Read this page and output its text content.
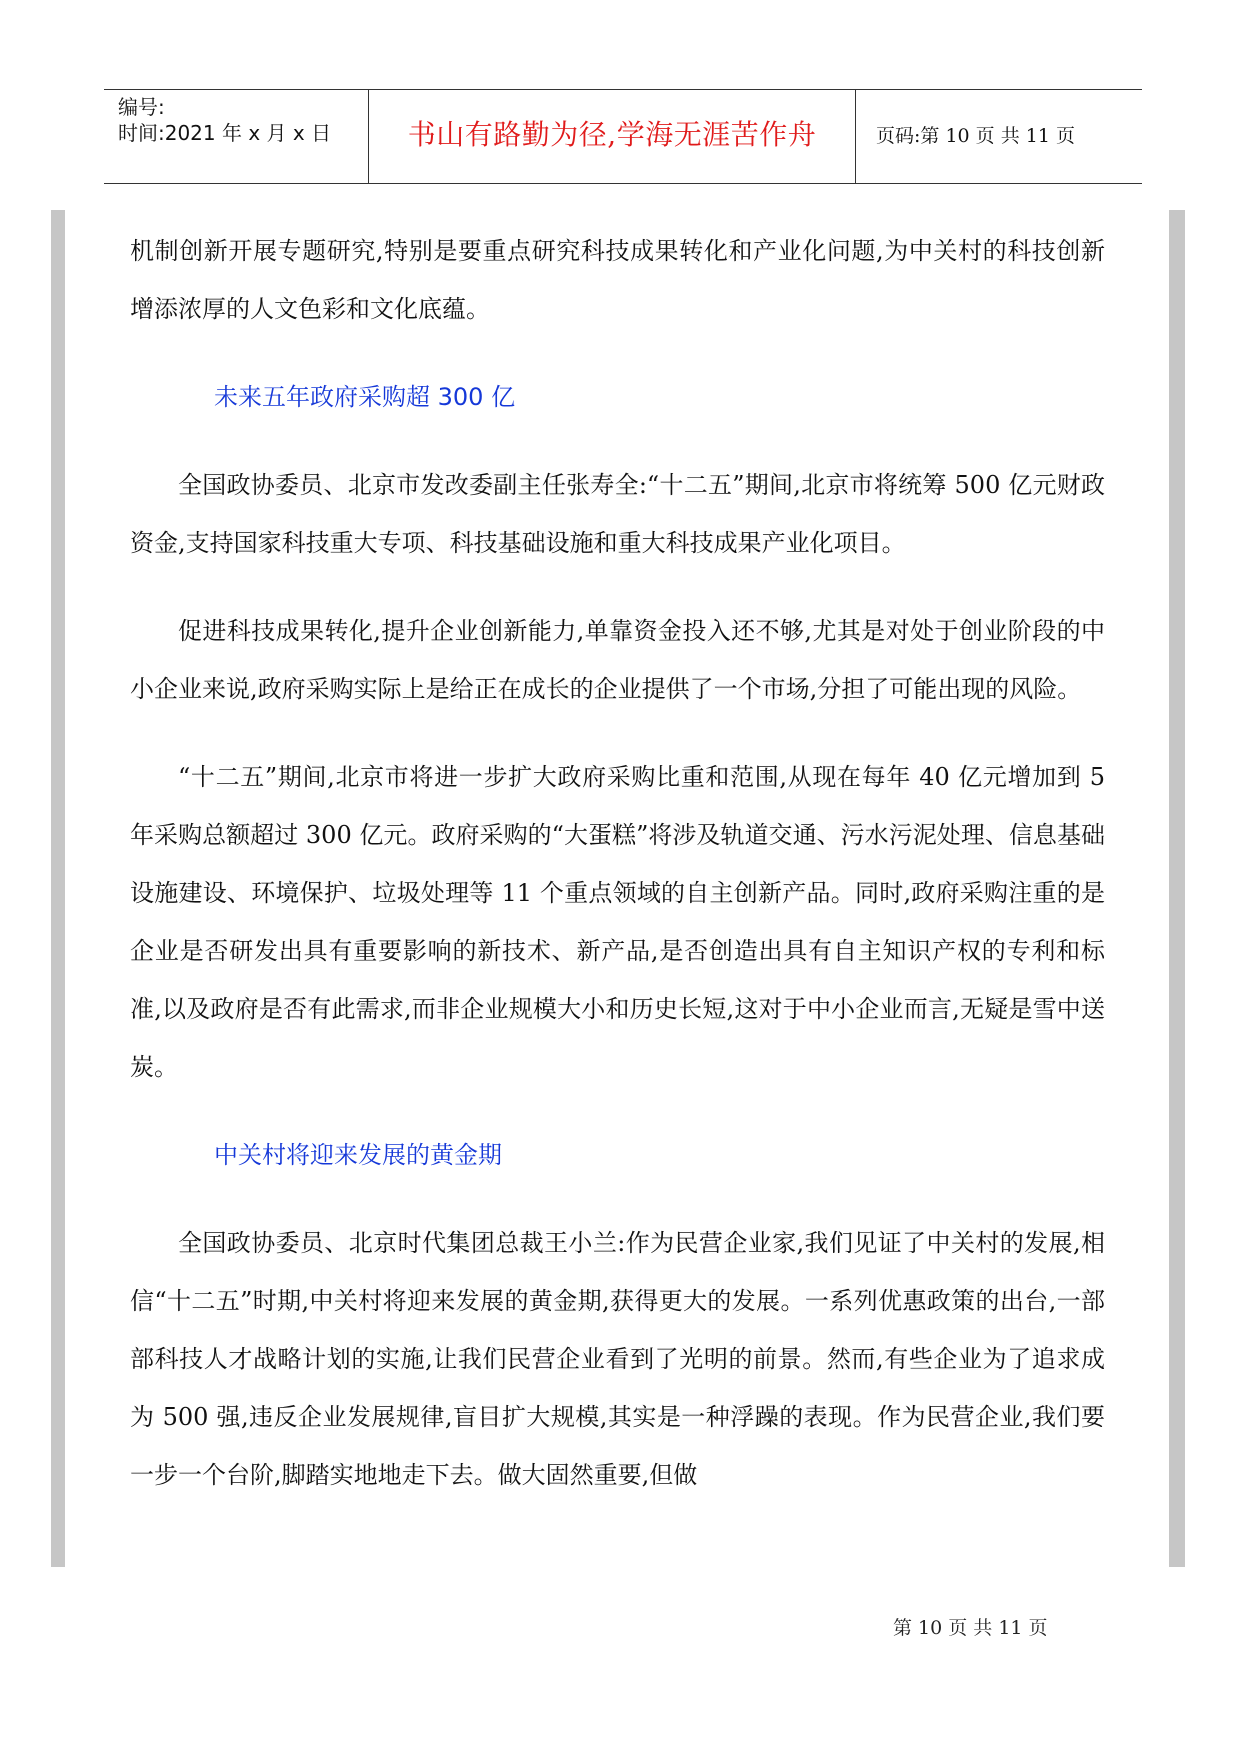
编号:
时间:2021 年 x 月 x 日	书山有路勤为径,学海无涯苦作舟	页码:第 10 页 共 11 页

机制创新开展专题研究,特别是要重点研究科技成果转化和产业化问题,为中关村的科技创新增添浓厚的人文色彩和文化底蕴。

未来五年政府采购超 300 亿

全国政协委员、北京市发改委副主任张寿全:“十二五”期间,北京市将统筹 500 亿元财政资金,支持国家科技重大专项、科技基础设施和重大科技成果产业化项目。

促进科技成果转化,提升企业创新能力,单靠资金投入还不够,尤其是对处于创业阶段的中小企业来说,政府采购实际上是给正在成长的企业提供了一个市场,分担了可能出现的风险。

“十二五”期间,北京市将进一步扩大政府采购比重和范围,从现在每年 40 亿元增加到 5 年采购总额超过 300 亿元。政府采购的“大蛋糕”将涉及轨道交通、污水污泥处理、信息基础设施建设、环境保护、垃圾处理等 11 个重点领域的自主创新产品。同时,政府采购注重的是企业是否研发出具有重要影响的新技术、新产品,是否创造出具有自主知识产权的专利和标准,以及政府是否有此需求,而非企业规模大小和历史长短,这对于中小企业而言,无疑是雪中送炭。

中关村将迎来发展的黄金期

全国政协委员、北京时代集团总裁王小兰:作为民营企业家,我们见证了中关村的发展,相信“十二五”时期,中关村将迎来发展的黄金期,获得更大的发展。一系列优惠政策的出台,一部部科技人才战略计划的实施,让我们民营企业看到了光明的前景。然而,有些企业为了追求成为 500 强,违反企业发展规律,盲目扩大规模,其实是一种浮躁的表现。作为民营企业,我们要一步一个台阶,脚踏实地地走下去。做大固然重要,但做

第 10 页 共 11 页
